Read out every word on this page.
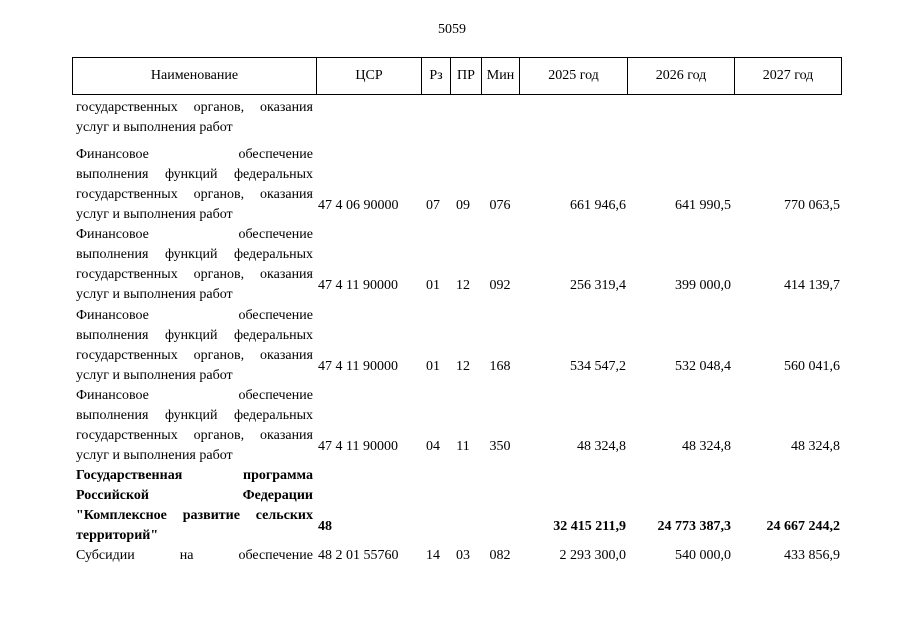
5059
Наименование	ЦСР	Рз	ПР Мин	2025 год	2026 год	2027 год
государственных органов, оказания
услуг и выполнения работ
Финансовое обеспечение
выполнения функций федеральных
государственных органов, оказания
услуг и выполнения работ
47 4 06 90000	07	09	076	661 946,6	641 990,5	770 063,5
Финансовое обеспечение
выполнения функций федеральных
государственных органов, оказания
услуг и выполнения работ
47 4 11 90000	01	12	092	256 319,4	399 000,0	414 139,7
Финансовое обеспечение
выполнения функций федеральных
государственных органов, оказания
услуг и выполнения работ
47 4 11 90000	01	12	168	534 547,2	532 048,4	560 041,6
Финансовое обеспечение
выполнения функций федеральных
государственных органов, оказания
услуг и выполнения работ
47 4 11 90000	04	11	350	48 324,8	48 324,8	48 324,8
Государственная программа
Российской Федерации
"Комплексное развитие сельских
территорий"
48	32 415 211,9	24 773 387,3	24 667 244,2
Субсидии на обеспечение 48 2 01 55760	14	03	082	2 293 300,0	540 000,0	433 856,9
